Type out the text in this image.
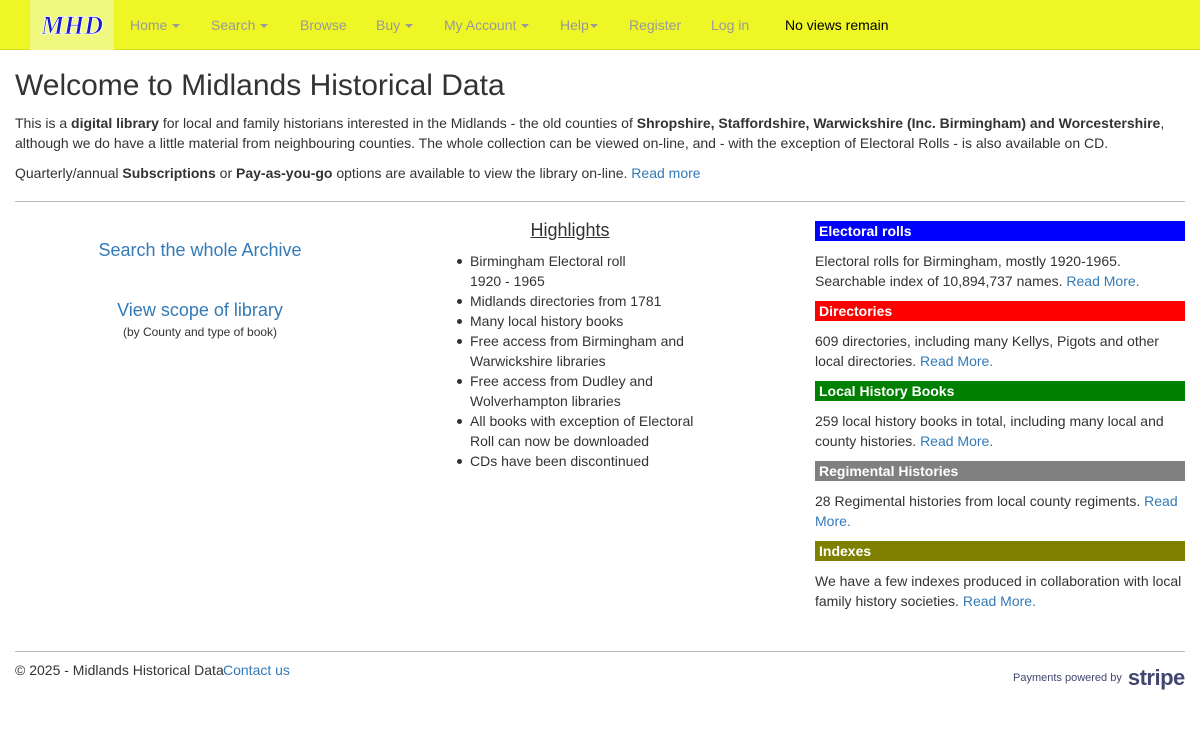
MHD Home	Search	Browse Buy	My Account	Help	Register Log in	No views remain
Welcome to Midlands Historical Data

This is a digital library for local and family historians interested in the Midlands - the old counties of Shropshire, Staffordshire, Warwickshire (Inc. Birmingham) and Worcestershire, although we do have a little material from neighbouring counties. The whole collection can be viewed on-line, and - with the exception of Electoral Rolls - is also available on CD.

Quarterly/annual Subscriptions or Pay-as-you-go options are available to view the library on-line. Read more

Search the whole Archive
View scope of library
(by County and type of book)
Highlights
Birmingham Electoral roll
1920 - 1965
Midlands directories from 1781
Many local history books
Free access from Birmingham and
Warwickshire libraries
Free access from Dudley and
Wolverhampton libraries
All books with exception of Electoral
Roll can now be downloaded
CDs have been discontinued
Electoral rolls

Electoral rolls for Birmingham, mostly 1920-1965.
Searchable index of 10,894,737 names. Read More.

Directories

609 directories, including many Kellys, Pigots and other
local directories. Read More.

Local History Books

259 local history books in total, including many local and
county histories. Read More.

Regimental Histories

28 Regimental histories from local county regiments. Read
More.

Indexes

We have a few indexes produced in collaboration with local
family history societies. Read More.

© 2025 - Midlands Historical Data Contact us	Payments powered by stripe
